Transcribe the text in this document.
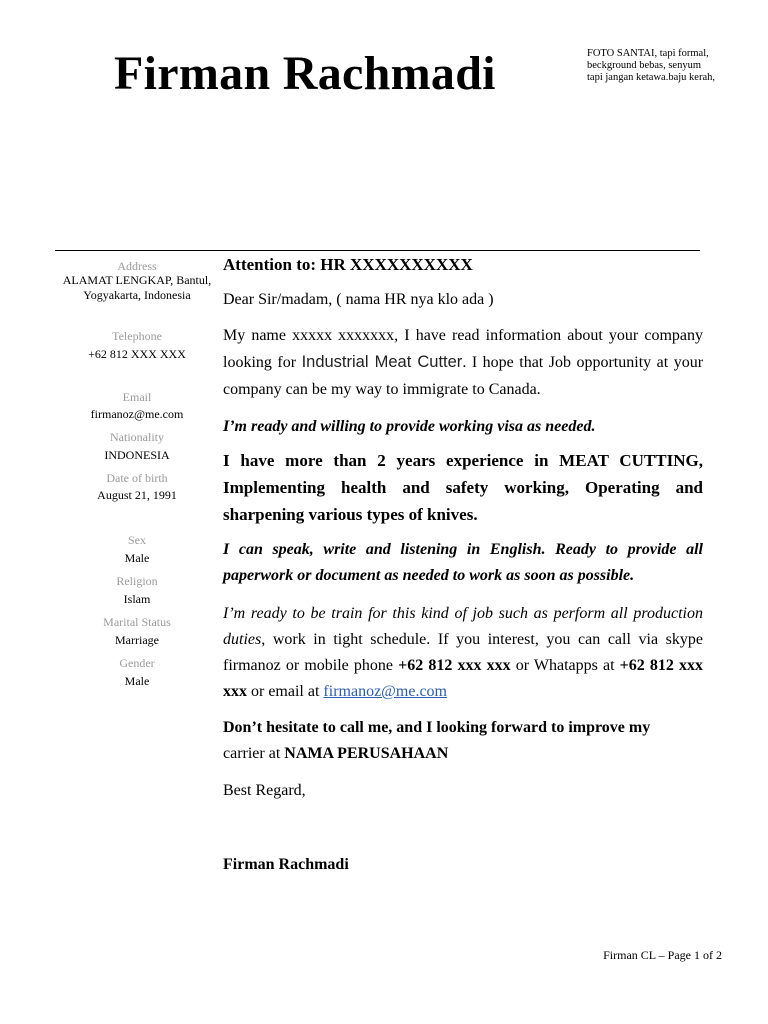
Firman Rachmadi	FOTO SANTAI, tapi formal, beckground bebas, senyum tapi jangan ketawa.baju kerah,
Address
ALAMAT LENGKAP, Bantul,
Yogyakarta, Indonesia
Telephone
+62 812 XXX XXX
Email
firmanoz@me.com
Nationality
INDONESIA
Date of birth
August 21, 1991
Sex
Male
Religion
Islam
Marital Status
Marriage
Gender
Male

Attention to: HR XXXXXXXXXX

Dear Sir/madam, ( nama HR nya klo ada )

My name xxxxx xxxxxxx, I have read information about your company looking for Industrial Meat Cutter. I hope that Job opportunity at your company can be my way to immigrate to Canada.

I’m ready and willing to provide working visa as needed.

I have more than 2 years experience in MEAT CUTTING, Implementing health and safety working, Operating and sharpening various types of knives.

I can speak, write and listening in English. Ready to provide all paperwork or document as needed to work as soon as possible.

I’m ready to be train for this kind of job such as perform all production duties, work in tight schedule. If you interest, you can call via skype firmanoz or mobile phone +62 812 xxx xxx or Whatapps at +62 812 xxx xxx or email at firmanoz@me.com

Don’t hesitate to call me, and I looking forward to improve my
carrier at NAMA PERUSAHAAN

Best Regard,

Firman Rachmadi

Firman CL – Page 1 of 2
